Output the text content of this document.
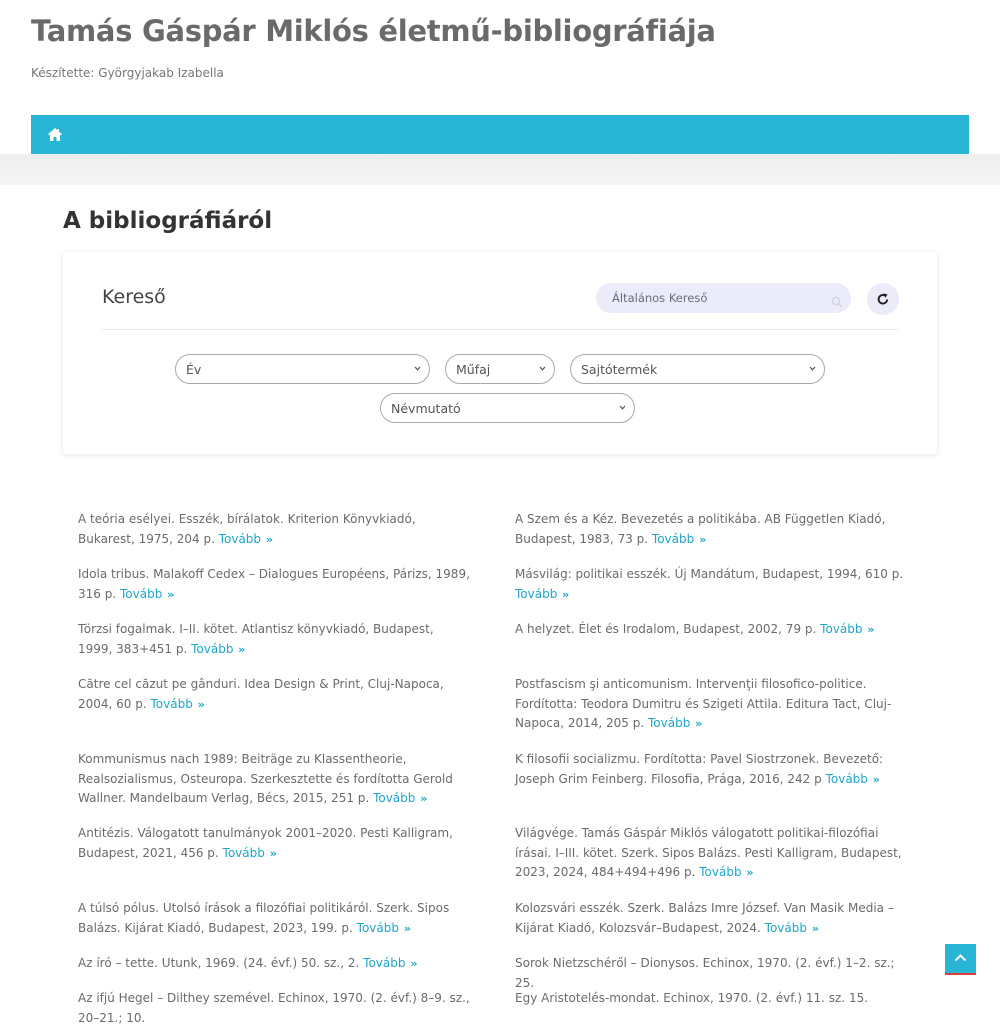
Tamás Gáspár Miklós életmű-bibliográfiája
Készítette: Györgyjakab Izabella
A bibliográfiáról
Kereső
Általános Kereső
Év	Műfaj	Sajtótermék
Névmutató
A teória esélyei. Esszék, bírálatok. Kriterion Könyvkiadó, Bukarest, 1975, 204 p. Tovább »
Idola tribus. Malakoff Cedex – Dialogues Européens, Párizs, 1989, 316 p. Tovább »
Törzsi fogalmak. I–II. kötet. Atlantisz könyvkiadó, Budapest, 1999, 383+451 p. Tovább »
Către cel căzut pe gânduri. Idea Design & Print, Cluj-Napoca, 2004, 60 p. Tovább »
Kommunismus nach 1989: Beiträge zu Klassentheorie, Realsozialismus, Osteuropa. Szerkesztette és fordította Gerold Wallner. Mandelbaum Verlag, Bécs, 2015, 251 p. Tovább »
Antitézis. Válogatott tanulmányok 2001–2020. Pesti Kalligram, Budapest, 2021, 456 p. Tovább »
A túlsó pólus. Utolsó írások a filozófiai politikáról. Szerk. Sipos Balázs. Kijárat Kiadó, Budapest, 2023, 199. p. Tovább »
Az író – tette. Utunk, 1969. (24. évf.) 50. sz., 2. Tovább »
Az ifjú Hegel – Dilthey szemével. Echinox, 1970. (2. évf.) 8–9. sz., 20–21.; 10.
A Szem és a Kéz. Bevezetés a politikába. AB Független Kiadó, Budapest, 1983, 73 p. Tovább »
Másvilág: politikai esszék. Új Mandátum, Budapest, 1994, 610 p. Tovább »
A helyzet. Élet és Irodalom, Budapest, 2002, 79 p. Tovább »
Postfascism şi anticomunism. Intervenţii filosofico-politice. Fordította: Teodora Dumitru és Szigeti Attila. Editura Tact, Cluj-Napoca, 2014, 205 p. Tovább »
K filosofii socializmu. Fordította: Pavel Siostrzonek. Bevezető: Joseph Grim Feinberg. Filosofia, Prága, 2016, 242 p Tovább »
Világvége. Tamás Gáspár Miklós válogatott politikai-filozófiai írásai. I–III. kötet. Szerk. Sipos Balázs. Pesti Kalligram, Budapest, 2023, 2024, 484+494+496 p. Tovább »
Kolozsvári esszék. Szerk. Balázs Imre József. Van Masik Media – Kijárat Kiadó, Kolozsvár–Budapest, 2024. Tovább »
Sorok Nietzschéről – Dionysos. Echinox, 1970. (2. évf.) 1–2. sz.; 25.
Egy Aristotelés-mondat. Echinox, 1970. (2. évf.) 11. sz. 15.
